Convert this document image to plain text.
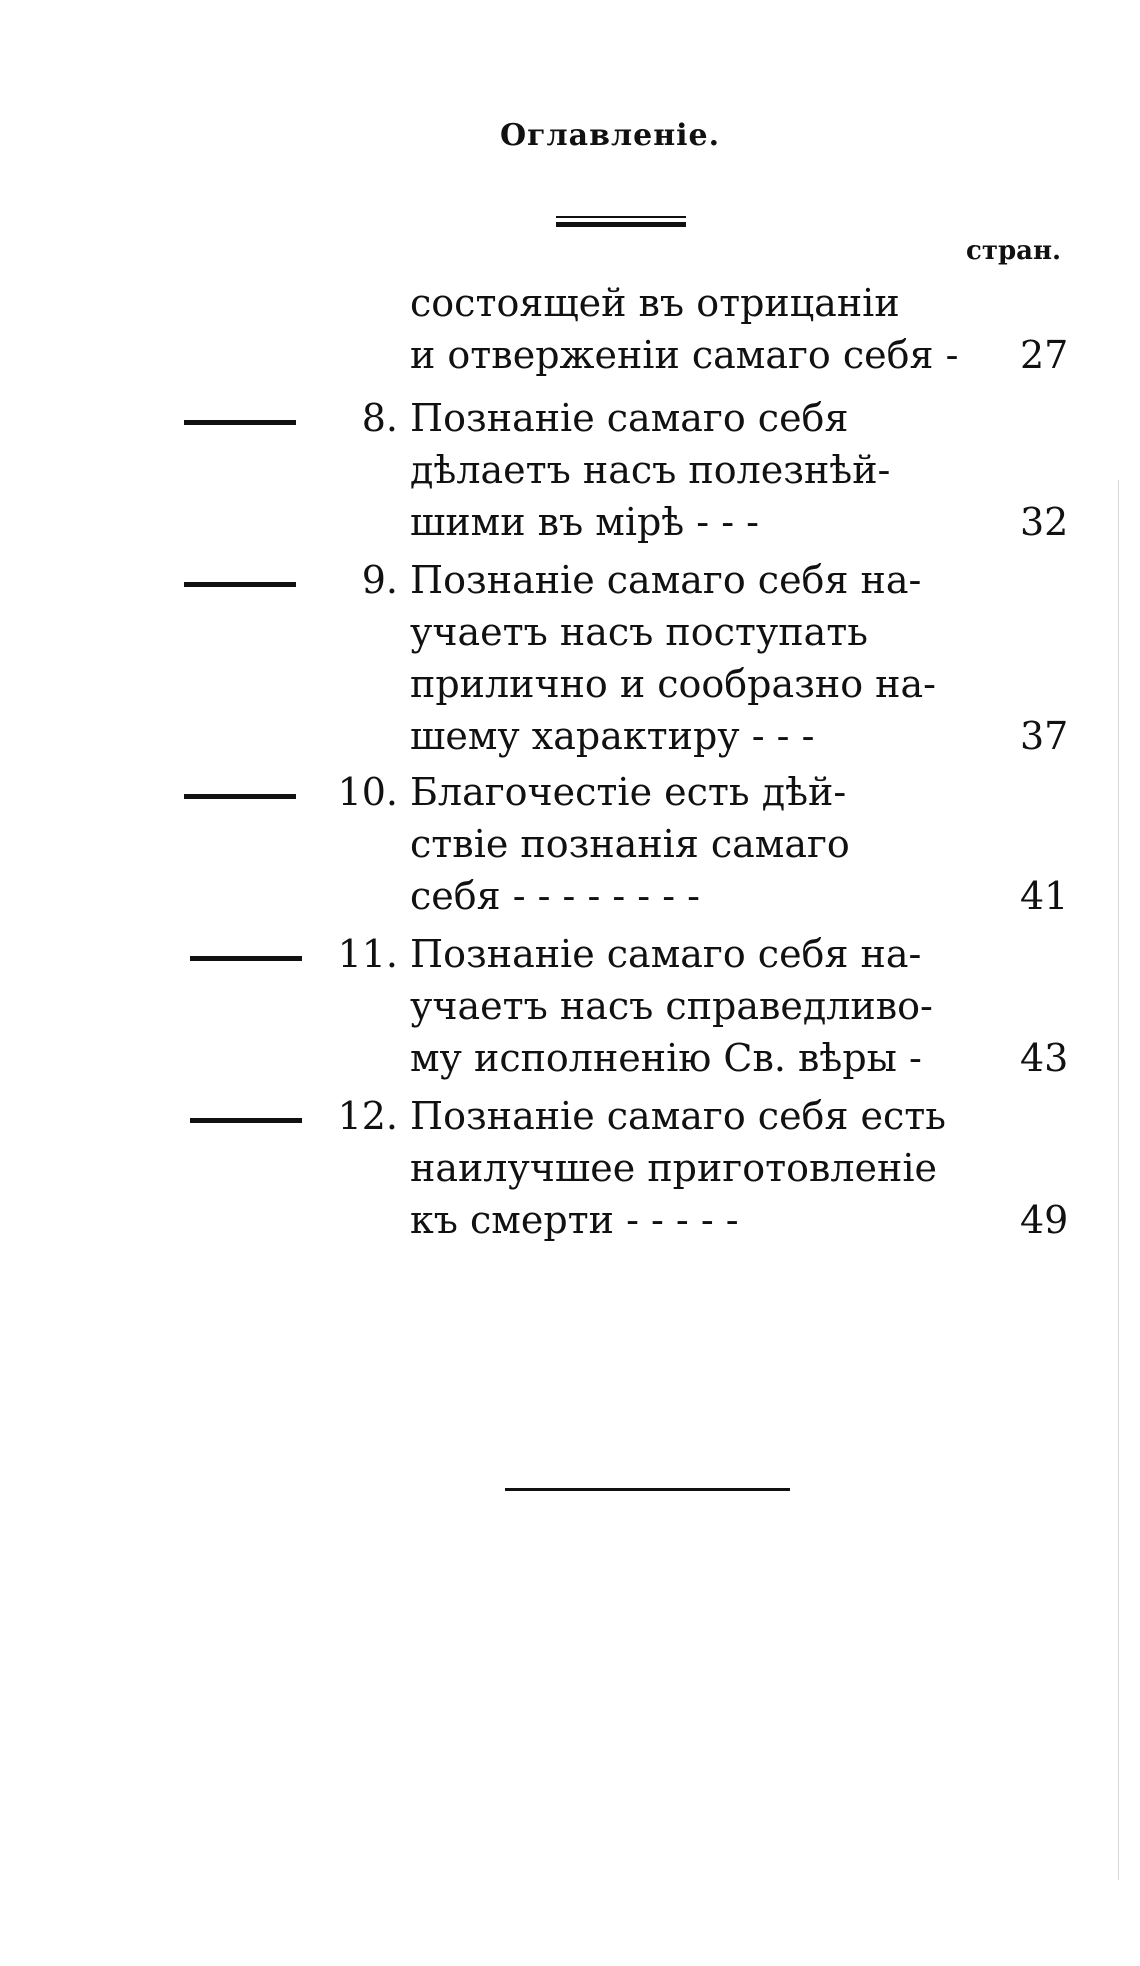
Оглавленіе.
стран.
состоящей въ отрицаніи
и отверженіи самаго себя - 27
8. Познаніе самаго себя
дѣлаетъ насъ полезнѣй-
шими въ мірѣ - - -	32
9. Познаніе самаго себя на-
учаетъ насъ поступать
прилично и сообразно на-
шему характиру - - -	37
10. Благочестіе есть дѣй-
ствіе познанія самаго
себя - - - - - - - -	41
11. Познаніе самаго себя на-
учаетъ насъ справедливо-
му исполненію Св. вѣры -	43
12. Познаніе самаго себя есть
наилучшее приготовленіе
къ смерти - - - - -	49
